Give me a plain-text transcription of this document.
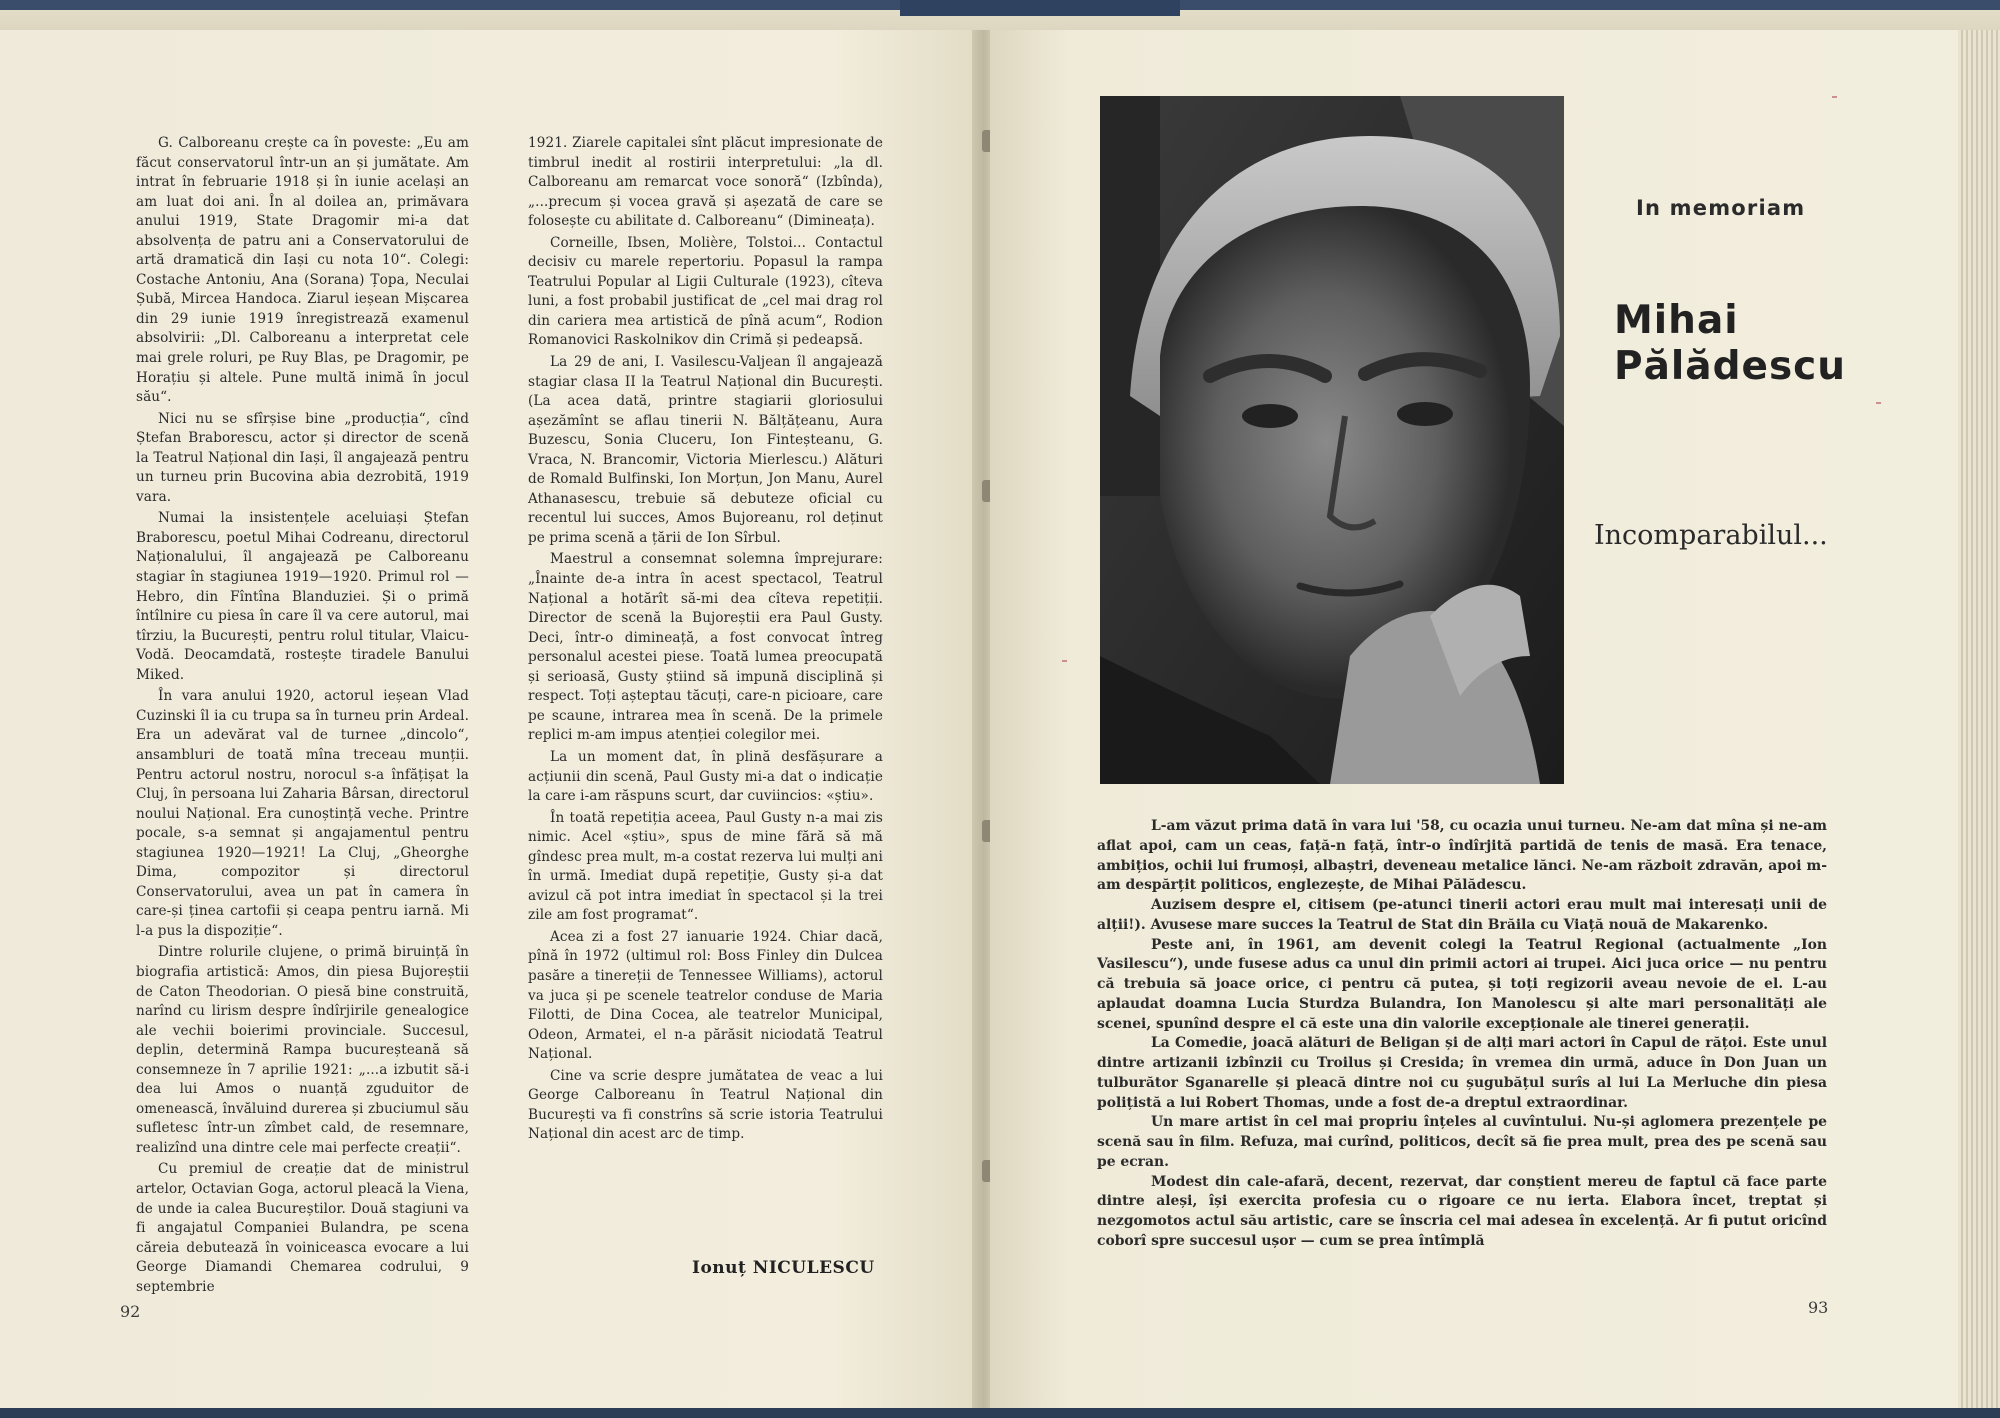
G. Calboreanu crește ca în poveste: „Eu am făcut conservatorul într-un an și jumătate. Am intrat în februarie 1918 și în iunie același an am luat doi ani. În al doilea an, primăvara anului 1919, State Dragomir mi-a dat absolvența de patru ani a Conservatorului de artă dramatică din Iași cu nota 10“. Colegi: Costache Antoniu, Ana (Sorana) Țopa, Neculai Șubă, Mircea Handoca. Ziarul ieșean Mișcarea din 29 iunie 1919 înregistrează examenul absolvirii: „Dl. Calboreanu a interpretat cele mai grele roluri, pe Ruy Blas, pe Dragomir, pe Horațiu și altele. Pune multă inimă în jocul său“.

Nici nu se sfîrșise bine „producția“, cînd Ștefan Braborescu, actor și director de scenă la Teatrul Național din Iași, îl angajează pentru un turneu prin Bucovina abia dezrobită, 1919 vara.

Numai la insistențele aceluiași Ștefan Braborescu, poetul Mihai Codreanu, directorul Naționalului, îl angajează pe Calboreanu stagiar în stagiunea 1919—1920. Primul rol — Hebro, din Fîntîna Blanduziei. Și o primă întîlnire cu piesa în care îl va cere autorul, mai tîrziu, la București, pentru rolul titular, Vlaicu-Vodă. Deocamdată, rostește tiradele Banului Miked.

În vara anului 1920, actorul ieșean Vlad Cuzinski îl ia cu trupa sa în turneu prin Ardeal. Era un adevărat val de turnee „dincolo“, ansambluri de toată mîna treceau munții. Pentru actorul nostru, norocul s-a înfățișat la Cluj, în persoana lui Zaharia Bârsan, directorul noului Național. Era cunoștință veche. Printre pocale, s-a semnat și angajamentul pentru stagiunea 1920—1921! La Cluj, „Gheorghe Dima, compozitor și directorul Conservatorului, avea un pat în camera în care-și ținea cartofii și ceapa pentru iarnă. Mi l-a pus la dispoziție“.

Dintre rolurile clujene, o primă biruință în biografia artistică: Amos, din piesa Bujoreștii de Caton Theodorian. O piesă bine construită, narînd cu lirism despre îndîrjirile genealogice ale vechii boierimi provinciale. Succesul, deplin, determină Rampa bucureșteană să consemneze în 7 aprilie 1921: „...a izbutit să-i dea lui Amos o nuanță zguduitor de omenească, învăluind durerea și zbuciumul său sufletesc într-un zîmbet cald, de resemnare, realizînd una dintre cele mai perfecte creații“.

Cu premiul de creație dat de ministrul artelor, Octavian Goga, actorul pleacă la Viena, de unde ia calea Bucureștilor. Două stagiuni va fi angajatul Companiei Bulandra, pe scena căreia debutează în voiniceasca evocare a lui George Diamandi Chemarea codrului, 9 septembrie

1921. Ziarele capitalei sînt plăcut impresionate de timbrul inedit al rostirii interpretului: „la dl. Calboreanu am remarcat voce sonoră“ (Izbînda), „...precum și vocea gravă și așezată de care se folosește cu abilitate d. Calboreanu“ (Dimineața).

Corneille, Ibsen, Molière, Tolstoi... Contactul decisiv cu marele repertoriu. Popasul la rampa Teatrului Popular al Ligii Culturale (1923), cîteva luni, a fost probabil justificat de „cel mai drag rol din cariera mea artistică de pînă acum“, Rodion Romanovici Raskolnikov din Crimă și pedeapsă.

La 29 de ani, I. Vasilescu-Valjean îl angajează stagiar clasa II la Teatrul Național din București. (La acea dată, printre stagiarii gloriosului așezămînt se aflau tinerii N. Bălțățeanu, Aura Buzescu, Sonia Cluceru, Ion Finteșteanu, G. Vraca, N. Brancomir, Victoria Mierlescu.) Alături de Romald Bulfinski, Ion Morțun, Jon Manu, Aurel Athanasescu, trebuie să debuteze oficial cu recentul lui succes, Amos Bujoreanu, rol deținut pe prima scenă a țării de Ion Sîrbul.

Maestrul a consemnat solemna împrejurare: „Înainte de-a intra în acest spectacol, Teatrul Național a hotărît să-mi dea cîteva repetiții. Director de scenă la Bujoreștii era Paul Gusty. Deci, într-o dimineață, a fost convocat întreg personalul acestei piese. Toată lumea preocupată și serioasă, Gusty știind să impună disciplină și respect. Toți așteptau tăcuți, care-n picioare, care pe scaune, intrarea mea în scenă. De la primele replici m-am impus atenției colegilor mei.

La un moment dat, în plină desfășurare a acțiunii din scenă, Paul Gusty mi-a dat o indicație la care i-am răspuns scurt, dar cuviincios: «știu».

În toată repetiția aceea, Paul Gusty n-a mai zis nimic. Acel «știu», spus de mine fără să mă gîndesc prea mult, m-a costat rezerva lui mulți ani în urmă. Imediat după repetiție, Gusty și-a dat avizul că pot intra imediat în spectacol și la trei zile am fost programat“.

Acea zi a fost 27 ianuarie 1924. Chiar dacă, pînă în 1972 (ultimul rol: Boss Finley din Dulcea pasăre a tinereții de Tennessee Williams), actorul va juca și pe scenele teatrelor conduse de Maria Filotti, de Dina Cocea, ale teatrelor Municipal, Odeon, Armatei, el n-a părăsit niciodată Teatrul Național.

Cine va scrie despre jumătatea de veac a lui George Calboreanu în Teatrul Național din București va fi constrîns să scrie istoria Teatrului Național din acest arc de timp.

Ionuț NICULESCU
92
In memoriam
Mihai
Pălădescu
Incomparabilul...

L-am văzut prima dată în vara lui '58, cu ocazia unui turneu. Ne-am dat mîna și ne-am aflat apoi, cam un ceas, față-n față, într-o îndîrjită partidă de tenis de masă. Era tenace, ambițios, ochii lui frumoși, albaștri, deveneau metalice lănci. Ne-am războit zdravăn, apoi m-am despărțit politicos, englezește, de Mihai Pălădescu.

Auzisem despre el, citisem (pe-atunci tinerii actori erau mult mai interesați unii de alții!). Avusese mare succes la Teatrul de Stat din Brăila cu Viață nouă de Makarenko.

Peste ani, în 1961, am devenit colegi la Teatrul Regional (actualmente „Ion Vasilescu“), unde fusese adus ca unul din primii actori ai trupei. Aici juca orice — nu pentru că trebuia să joace orice, ci pentru că putea, și toți regizorii aveau nevoie de el. L-au aplaudat doamna Lucia Sturdza Bulandra, Ion Manolescu și alte mari personalități ale scenei, spunînd despre el că este una din valorile excepționale ale tinerei generații.

La Comedie, joacă alături de Beligan și de alți mari actori în Capul de rățoi. Este unul dintre artizanii izbînzii cu Troilus și Cresida; în vremea din urmă, aduce în Don Juan un tulburător Sganarelle și pleacă dintre noi cu șugubățul surîs al lui La Merluche din piesa polițistă a lui Robert Thomas, unde a fost de-a dreptul extraordinar.

Un mare artist în cel mai propriu înțeles al cuvîntului. Nu-și aglomera prezențele pe scenă sau în film. Refuza, mai curînd, politicos, decît să fie prea mult, prea des pe scenă sau pe ecran.

Modest din cale-afară, decent, rezervat, dar conștient mereu de faptul că face parte dintre aleși, își exercita profesia cu o rigoare ce nu ierta. Elabora încet, treptat și nezgomotos actul său artistic, care se înscria cel mai adesea în excelență. Ar fi putut oricînd coborî spre succesul ușor — cum se prea întîmplă

93
